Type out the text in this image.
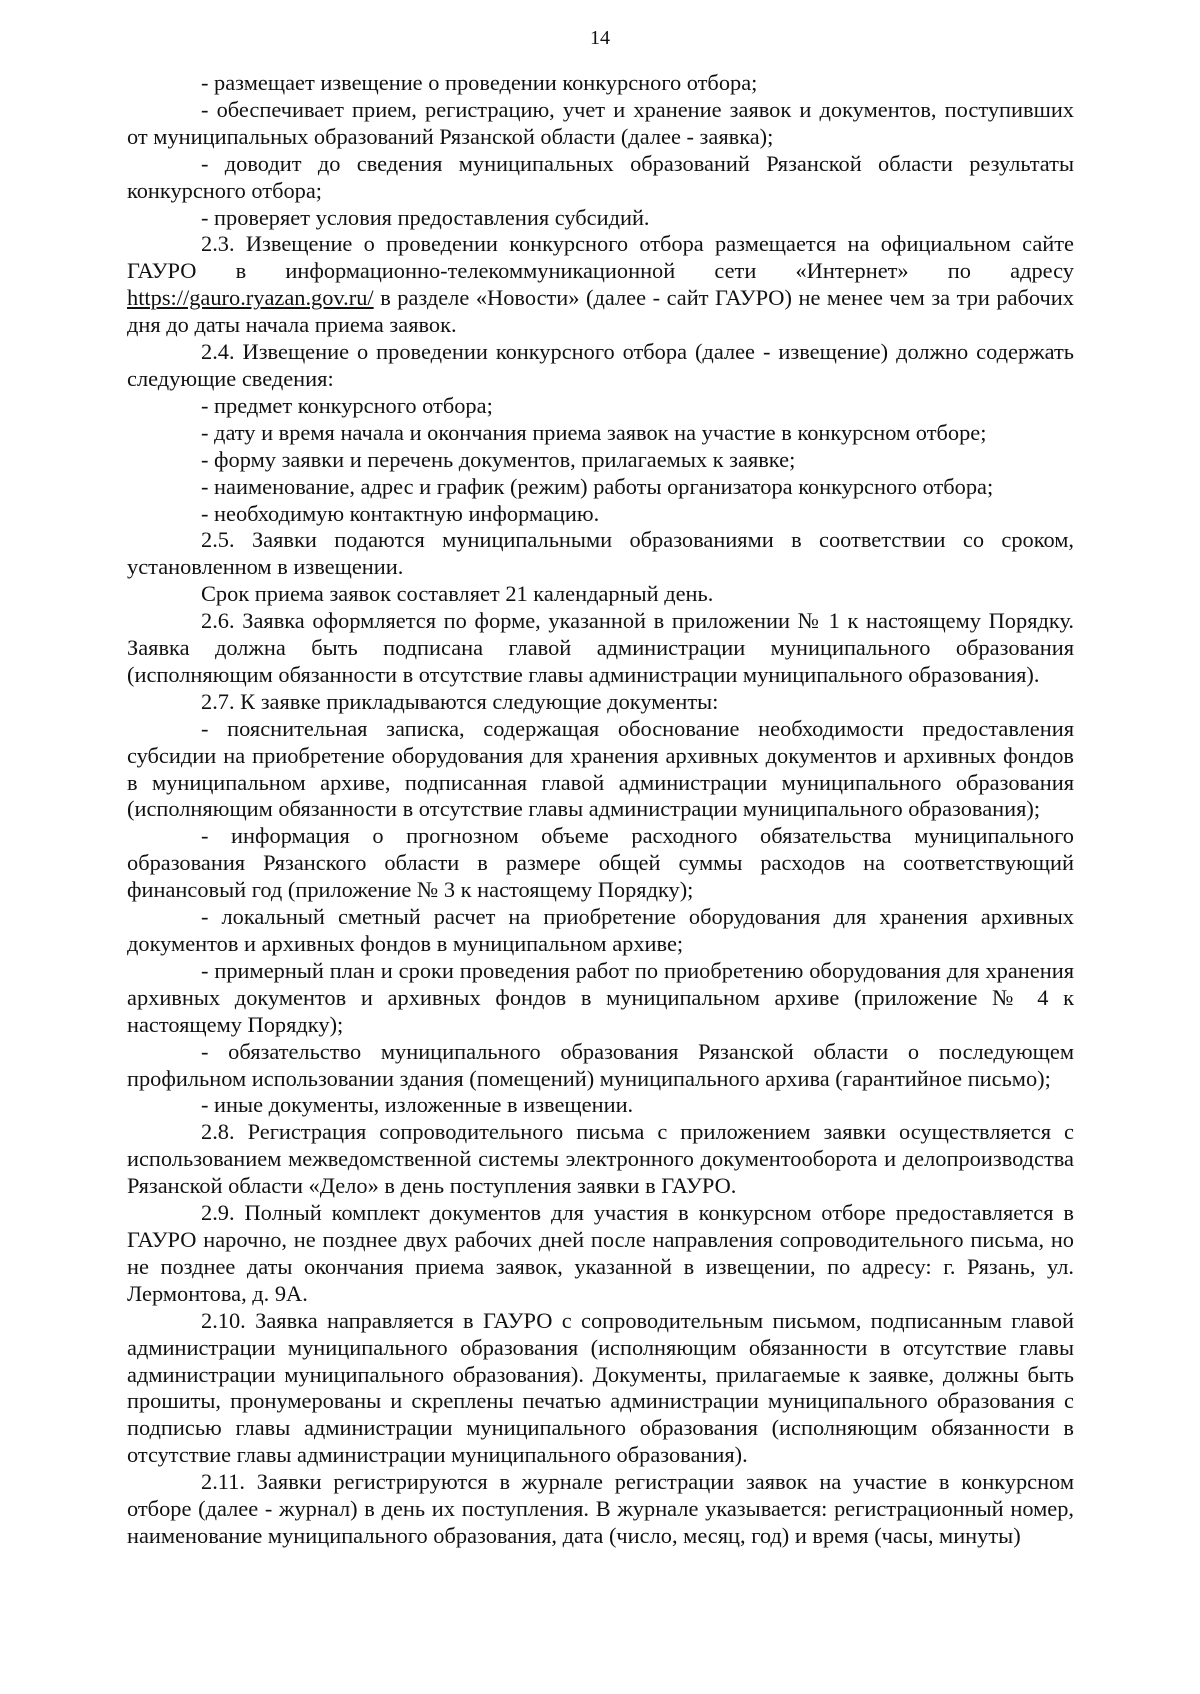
14

- размещает извещение о проведении конкурсного отбора;

- обеспечивает прием, регистрацию, учет и хранение заявок и документов, поступивших от муниципальных образований Рязанской области (далее - заявка);

- доводит до сведения муниципальных образований Рязанской области результаты конкурсного отбора;

- проверяет условия предоставления субсидий.

2.3. Извещение о проведении конкурсного отбора размещается на официальном сайте ГАУРО в информационно-телекоммуникационной сети «Интернет» по адресу https://gauro.ryazan.gov.ru/ в разделе «Новости» (далее - сайт ГАУРО) не менее чем за три рабочих дня до даты начала приема заявок.

2.4. Извещение о проведении конкурсного отбора (далее - извещение) должно содержать следующие сведения:

- предмет конкурсного отбора;

- дату и время начала и окончания приема заявок на участие в конкурсном отборе;

- форму заявки и перечень документов, прилагаемых к заявке;

- наименование, адрес и график (режим) работы организатора конкурсного отбора;

- необходимую контактную информацию.

2.5. Заявки подаются муниципальными образованиями в соответствии со сроком, установленном в извещении.

Срок приема заявок составляет 21 календарный день.

2.6. Заявка оформляется по форме, указанной в приложении № 1 к настоящему Порядку. Заявка должна быть подписана главой администрации муниципального образования (исполняющим обязанности в отсутствие главы администрации муниципального образования).

2.7. К заявке прикладываются следующие документы:

- пояснительная записка, содержащая обоснование необходимости предоставления субсидии на приобретение оборудования для хранения архивных документов и архивных фондов в муниципальном архиве, подписанная главой администрации муниципального образования (исполняющим обязанности в отсутствие главы администрации муниципального образования);

- информация о прогнозном объеме расходного обязательства муниципального образования Рязанского области в размере общей суммы расходов на соответствующий финансовый год (приложение № 3 к настоящему Порядку);

- локальный сметный расчет на приобретение оборудования для хранения архивных документов и архивных фондов в муниципальном архиве;

- примерный план и сроки проведения работ по приобретению оборудования для хранения архивных документов и архивных фондов в муниципальном архиве (приложение № 4 к настоящему Порядку);

- обязательство муниципального образования Рязанской области о последующем профильном использовании здания (помещений) муниципального архива (гарантийное письмо);

- иные документы, изложенные в извещении.

2.8. Регистрация сопроводительного письма с приложением заявки осуществляется с использованием межведомственной системы электронного документооборота и делопроизводства Рязанской области «Дело» в день поступления заявки в ГАУРО.

2.9. Полный комплект документов для участия в конкурсном отборе предоставляется в ГАУРО нарочно, не позднее двух рабочих дней после направления сопроводительного письма, но не позднее даты окончания приема заявок, указанной в извещении, по адресу: г. Рязань, ул. Лермонтова, д. 9А.

2.10. Заявка направляется в ГАУРО с сопроводительным письмом, подписанным главой администрации муниципального образования (исполняющим обязанности в отсутствие главы администрации муниципального образования). Документы, прилагаемые к заявке, должны быть прошиты, пронумерованы и скреплены печатью администрации муниципального образования с подписью главы администрации муниципального образования (исполняющим обязанности в отсутствие главы администрации муниципального образования).

2.11. Заявки регистрируются в журнале регистрации заявок на участие в конкурсном отборе (далее - журнал) в день их поступления. В журнале указывается: регистрационный номер, наименование муниципального образования, дата (число, месяц, год) и время (часы, минуты)
